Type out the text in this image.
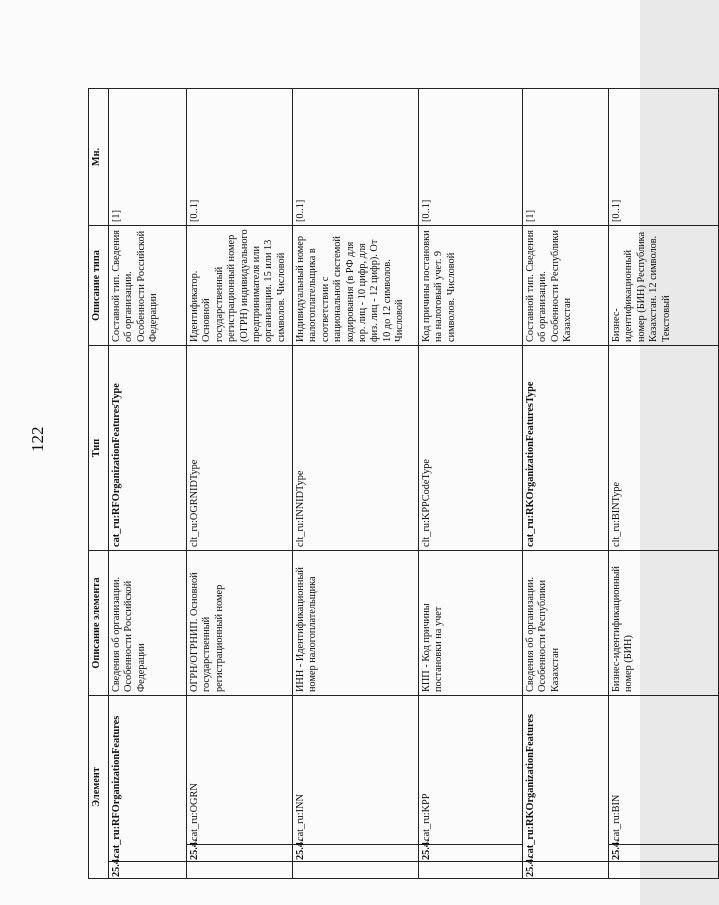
122
Элемент			Описание элемента	Тип	Описание типа	Мн.
25.4.	cat_ru:RFOrganizationFeatures		Сведения об организации. Особенности Российской Федерации	cat_ru:RFOrganizationFeaturesType	Составной тип. Сведения об организации. Особенности Российской Федерации	[1]
	25.4.	cat_ru:OGRN	ОГРН/ОГРНИП. Основной государственный регистрационный номер	clt_ru:OGRNIDType	Идентификатор. Основной государственный регистрационный номер (ОГРН) индивидуального предпринимателя или организации. 15 или 13 символов. Числовой	[0..1]
	25.4.	cat_ru:INN	ИНН - Идентификационный номер налогоплательщика	clt_ru:INNIDType	Индивидуальный номер налогоплательщика в соответствии с национальной системой кодирования (в РФ для юр. лиц - 10 цифр, для физ. лиц - 12 цифр). От 10 до 12 символов. Числовой	[0..1]
	25.4.	cat_ru:KPP	КПП - Код причины постановки на учет	clt_ru:KPPCodeType	Код причины постановки на налоговый учет. 9 символов. Числовой	[0..1]
25.4.	cat_ru:RKOrganizationFeatures		Сведения об организации. Особенности Республики Казахстан	cat_ru:RKOrganizationFeaturesType	Составной тип. Сведения об организации. Особенности Республики Казахстан	[1]
	25.4.	cat_ru:BIN	Бизнес-идентификационный номер (БИН)	clt_ru:BINType	Бизнес-идентификационный номер (БИН) Республика Казахстан. 12 символов. Текстовый	[0..1]
